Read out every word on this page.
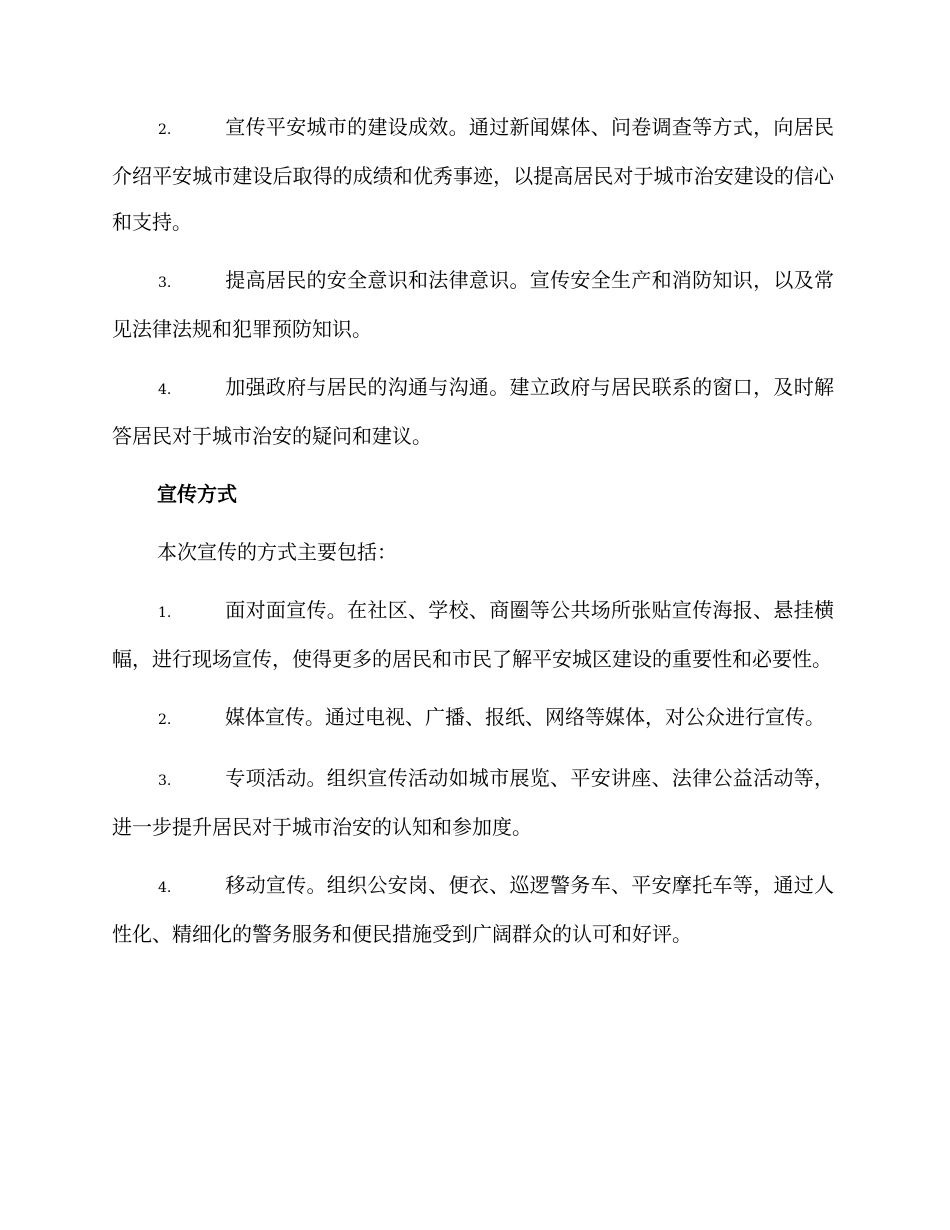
2.	宣传平安城市的建设成效。通过新闻媒体、问卷调查等方式，向居民介绍平安城市建设后取得的成绩和优秀事迹，以提高居民对于城市治安建设的信心和支持。

3.	提高居民的安全意识和法律意识。宣传安全生产和消防知识，以及常见法律法规和犯罪预防知识。

4.	加强政府与居民的沟通与沟通。建立政府与居民联系的窗口，及时解答居民对于城市治安的疑问和建议。

宣传方式

本次宣传的方式主要包括：

1.	面对面宣传。在社区、学校、商圈等公共场所张贴宣传海报、悬挂横幅，进行现场宣传，使得更多的居民和市民了解平安城区建设的重要性和必要性。

2.	媒体宣传。通过电视、广播、报纸、网络等媒体，对公众进行宣传。

3.	专项活动。组织宣传活动如城市展览、平安讲座、法律公益活动等，进一步提升居民对于城市治安的认知和参加度。

4.	移动宣传。组织公安岗、便衣、巡逻警务车、平安摩托车等，通过人性化、精细化的警务服务和便民措施受到广阔群众的认可和好评。
